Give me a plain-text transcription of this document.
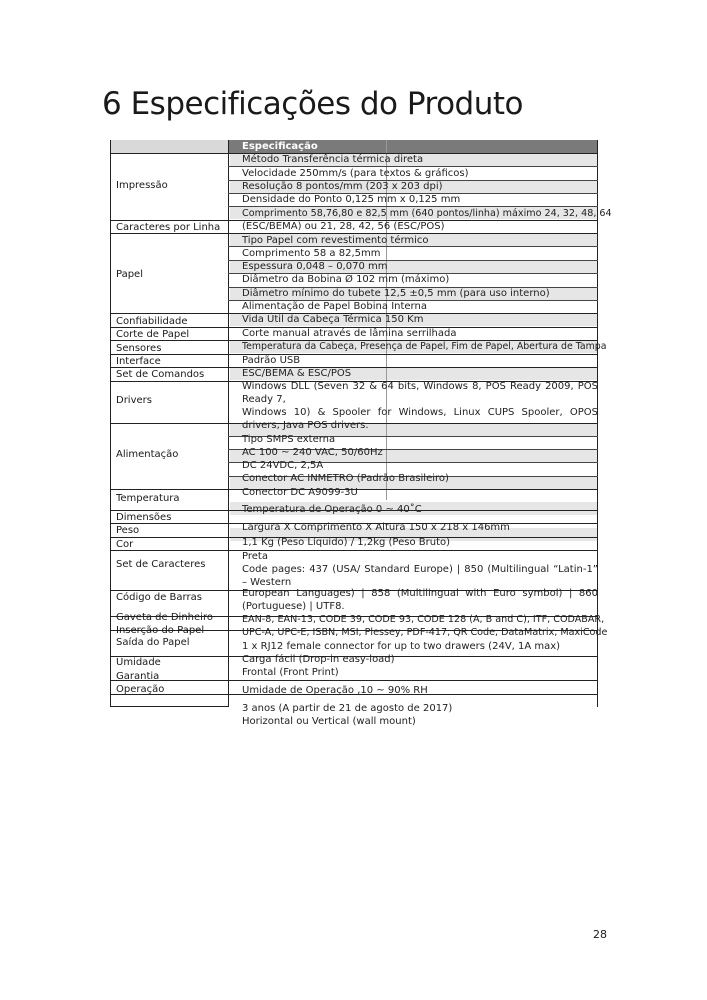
6 Especificações do Produto
Especificação
Impressão
Caracteres por Linha
Papel
Confiabilidade
Corte de Papel
Sensores
Interface
Set de Comandos
Drivers
Alimentação
Temperatura
Dimensões
Peso
Cor
Set de Caracteres
Código de Barras
Gaveta de Dinheiro
Inserção do Papel
Saída do Papel
Umidade
Garantia
Operação
Método Transferência térmica direta
Velocidade 250mm/s (para textos & gráficos)
Resolução 8 pontos/mm (203 x 203 dpi)
Densidade do Ponto 0,125 mm x 0,125 mm
Comprimento 58,76,80 e 82,5 mm (640 pontos/linha) máximo 24, 32, 48, 64
(ESC/BEMA) ou 21, 28, 42, 56 (ESC/POS)
Tipo Papel com revestimento térmico
Comprimento 58 a 82,5mm
Espessura 0,048 – 0,070 mm
Diâmetro da Bobina Ø 102 mm (máximo)
Diâmetro mínimo do tubete 12,5 ±0,5 mm (para uso interno)
Alimentação de Papel Bobina Interna
Vida Útil da Cabeça Térmica 150 Km
Corte manual através de lâmina serrilhada
Temperatura da Cabeça, Presença de Papel, Fim de Papel, Abertura de Tampa
Padrão USB
ESC/BEMA & ESC/POS
Windows DLL (Seven 32 & 64 bits, Windows 8, POS Ready 2009, POS Ready 7,
Windows 10) & Spooler for Windows, Linux CUPS Spooler, OPOS drivers, Java POS drivers.
Tipo SMPS externa
AC 100 ~ 240 VAC, 50/60Hz
DC 24VDC, 2,5A
Conector AC INMETRO (Padrão Brasileiro)
Conector DC A9099-3U
Temperatura de Operação 0 ~ 40˚C
Largura X Comprimento X Altura 150 x 218 x 146mm
1,1 Kg (Peso Líquido) / 1,2kg (Peso Bruto)
Preta
Code pages: 437 (USA/ Standard Europe) | 850 (Multilingual “Latin-1” – Western
European Languages) | 858 (Multilingual with Euro symbol) | 860 (Portuguese) | UTF8.
EAN-8, EAN-13, CODE 39, CODE 93, CODE 128 (A, B and C), ITF, CODABAR,
UPC-A, UPC-E, ISBN, MSI, Plessey, PDF-417, QR Code, DataMatrix, MaxiCode
1 x RJ12 female connector for up to two drawers (24V, 1A max)
Carga fácil (Drop-in easy-load)
Frontal (Front Print)
Umidade de Operação ,10 ~ 90% RH
3 anos (A partir de 21 de agosto de 2017)
Horizontal ou Vertical (wall mount)
28
